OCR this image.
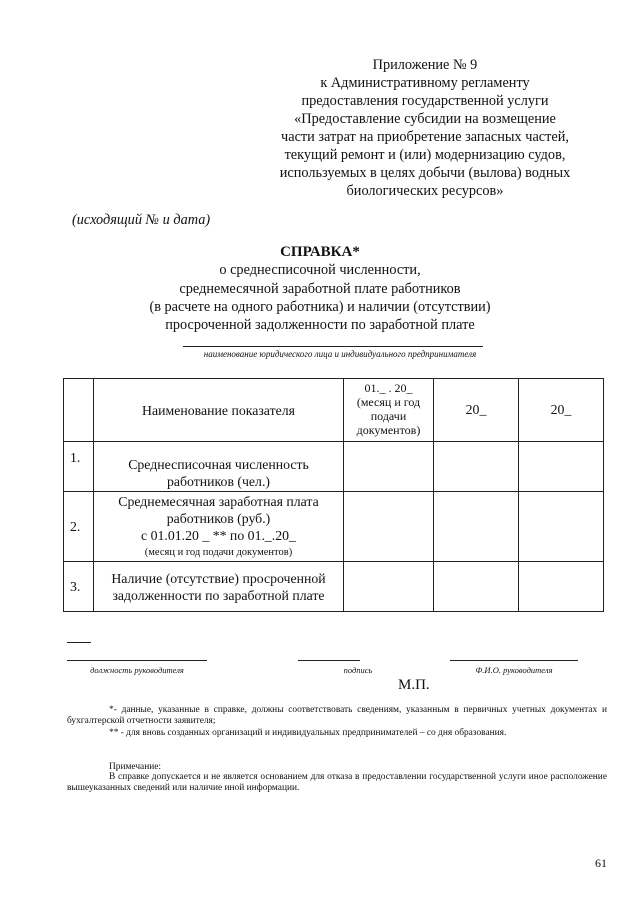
Приложение № 9
к Административному регламенту
предоставления государственной услуги
«Предоставление субсидии на возмещение
части затрат на приобретение запасных частей,
текущий ремонт и (или) модернизацию судов,
используемых в целях добычи (вылова) водных
биологических ресурсов»
(исходящий № и дата)
СПРАВКА*
о среднесписочной численности,
среднемесячной заработной плате работников
(в расчете на одного работника) и наличии (отсутствии)
просроченной задолженности по заработной плате
наименование юридического лица и индивидуального предпринимателя
	Наименование показателя	01._ . 20_
(месяц и год
подачи
документов)	20_	20_
1.	Среднесписочная численность
работников (чел.)			

2.	Среднемесячная заработная плата
работников (руб.)
с 01.01.20 _ ** по 01._.20_
(месяц и год подачи документов)			

3.	Наличие (отсутствие) просроченной
задолженности по заработной плате			

должность руководителя	подпись	Ф.И.О. руководителя
М.П.
*- данные, указанные в справке, должны соответствовать сведениям, указанным в первичных учетных документах и бухгалтерской отчетности заявителя;
** - для вновь созданных организаций и индивидуальных предпринимателей – со дня образования.
Примечание:
В справке допускается и не является основанием для отказа в предоставлении государственной услуги иное расположение вышеуказанных сведений или наличие иной информации.
61
